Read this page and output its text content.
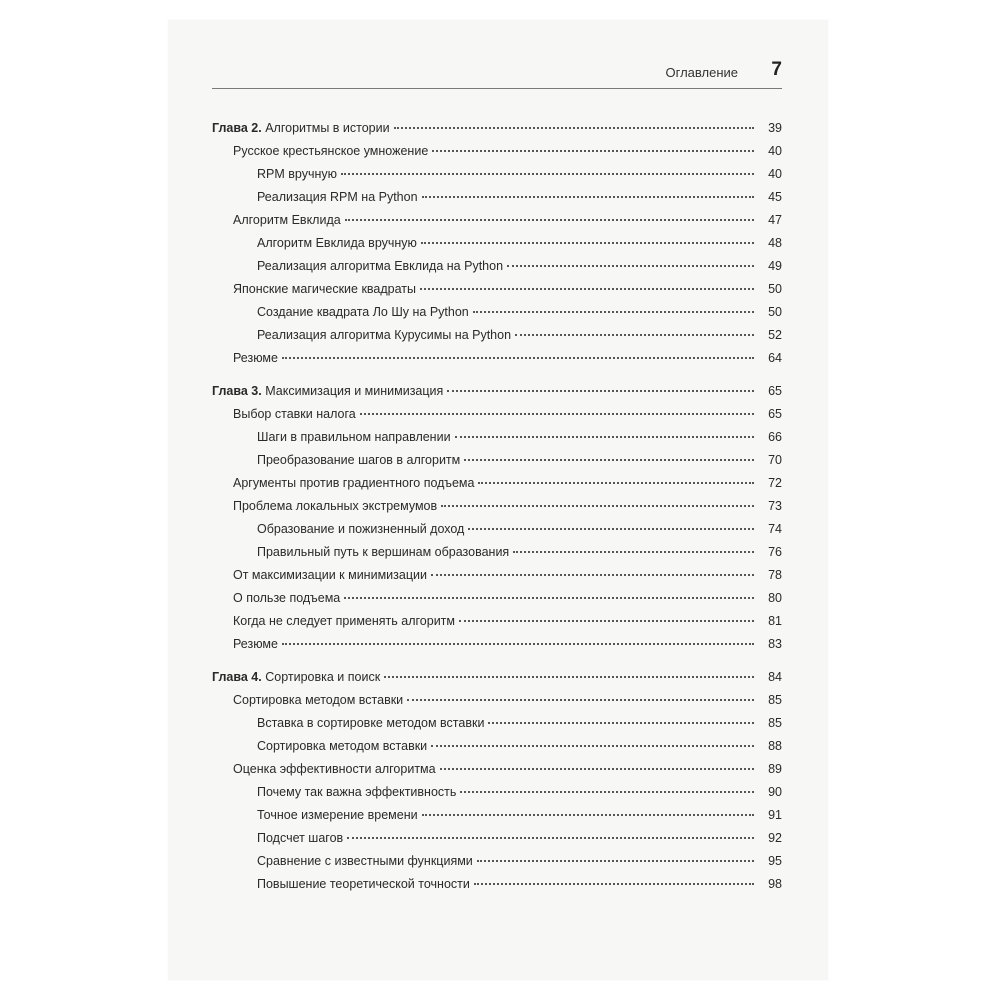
Оглавление 7
Глава 2. Алгоритмы в истории	39
Русское крестьянское умножение	40
RPM вручную	40
Реализация RPM на Python	45
Алгоритм Евклида	47
Алгоритм Евклида вручную	48
Реализация алгоритма Евклида на Python	49
Японские магические квадраты	50
Создание квадрата Ло Шу на Python	50
Реализация алгоритма Курусимы на Python	52
Резюме	64
Глава 3. Максимизация и минимизация	65
Выбор ставки налога	65
Шаги в правильном направлении	66
Преобразование шагов в алгоритм	70
Аргументы против градиентного подъема	72
Проблема локальных экстремумов	73
Образование и пожизненный доход	74
Правильный путь к вершинам образования	76
От максимизации к минимизации	78
О пользе подъема	80
Когда не следует применять алгоритм	81
Резюме	83
Глава 4. Сортировка и поиск	84
Сортировка методом вставки	85
Вставка в сортировке методом вставки	85
Сортировка методом вставки	88
Оценка эффективности алгоритма	89
Почему так важна эффективность	90
Точное измерение времени	91
Подсчет шагов	92
Сравнение с известными функциями	95
Повышение теоретической точности	98
